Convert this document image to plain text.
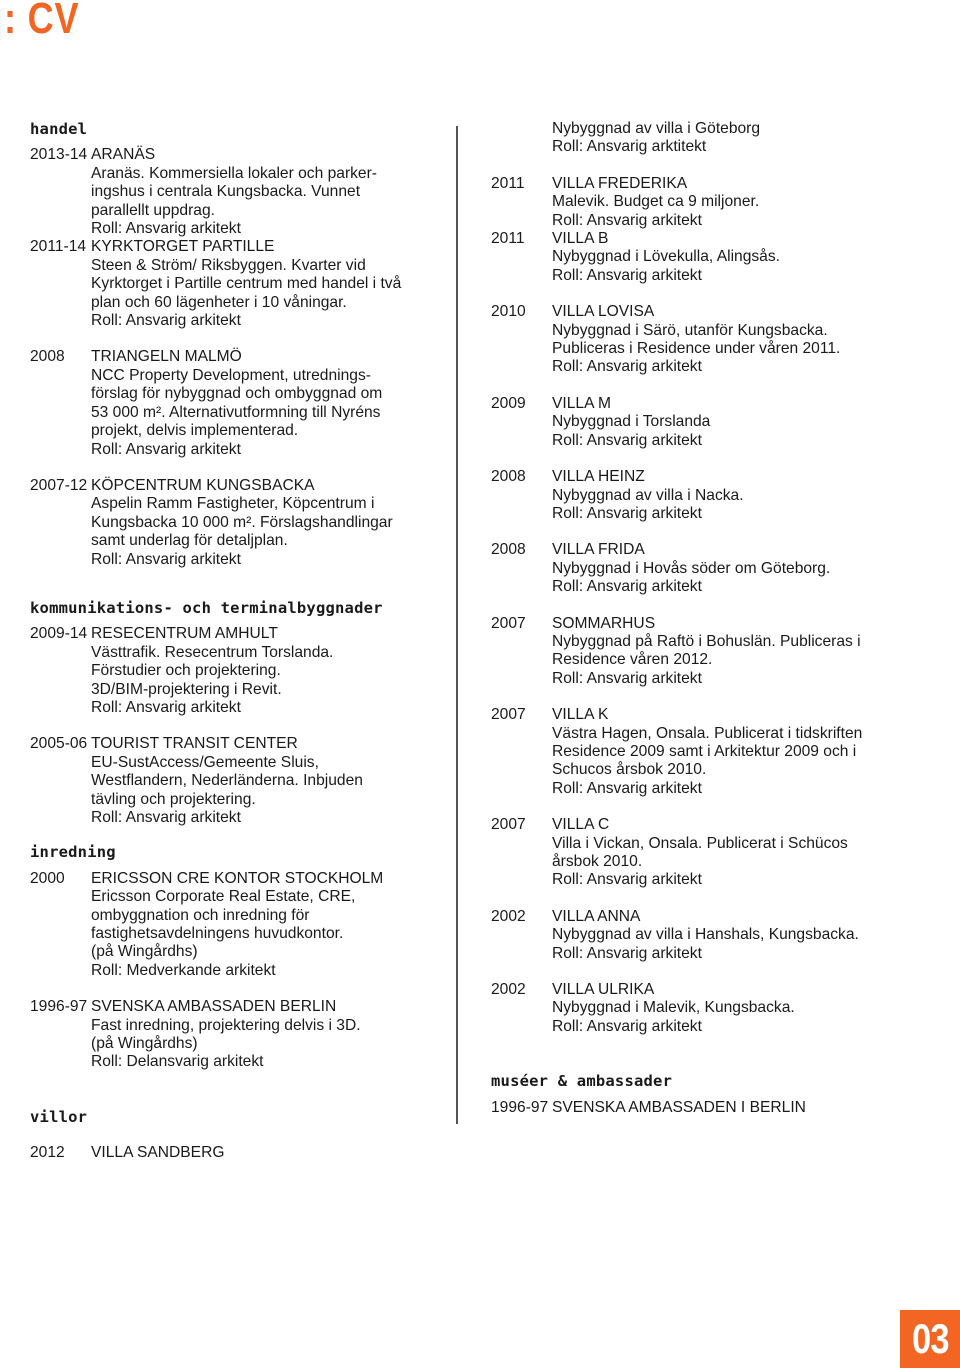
: CV
handel
2013-14 ARANÄS
Aranäs. Kommersiella lokaler och parker-
ingshus i centrala Kungsbacka. Vunnet
parallellt uppdrag.
Roll: Ansvarig arkitekt
2011-14 KYRKTORGET PARTILLE
Steen & Ström/ Riksbyggen. Kvarter vid
Kyrktorget i Partille centrum med handel i två
plan och 60 lägenheter i 10 våningar.
Roll: Ansvarig arkitekt
2008	TRIANGELN MALMÖ
NCC Property Development, utrednings-
förslag för nybyggnad och ombyggnad om
53 000 m². Alternativutformning till Nyréns
projekt, delvis implementerad.
Roll: Ansvarig arkitekt
2007-12 KÖPCENTRUM KUNGSBACKA
Aspelin Ramm Fastigheter, Köpcentrum i
Kungsbacka 10 000 m². Förslagshandlingar
samt underlag för detaljplan.
Roll: Ansvarig arkitekt
kommunikations- och terminalbyggnader
2009-14 RESECENTRUM AMHULT
Västtrafik. Resecentrum Torslanda.
Förstudier och projektering.
3D/BIM-projektering i Revit.
Roll: Ansvarig arkitekt
2005-06 TOURIST TRANSIT CENTER
EU-SustAccess/Gemeente Sluis,
Westflandern, Nederländerna. Inbjuden
tävling och projektering.
Roll: Ansvarig arkitekt
inredning
2000	ERICSSON CRE KONTOR STOCKHOLM
Ericsson Corporate Real Estate, CRE,
ombyggnation och inredning för
fastighetsavdelningens huvudkontor.
(på Wingårdhs)
Roll: Medverkande arkitekt
1996-97 SVENSKA AMBASSADEN BERLIN
Fast inredning, projektering delvis i 3D.
(på Wingårdhs)
Roll: Delansvarig arkitekt
villor
2012	VILLA SANDBERG
Nybyggnad av villa i Göteborg
Roll: Ansvarig arktitekt
2011	VILLA FREDERIKA
Malevik. Budget ca 9 miljoner.
Roll: Ansvarig arkitekt
2011	VILLA B
Nybyggnad i Lövekulla, Alingsås.
Roll: Ansvarig arkitekt
2010	VILLA LOVISA
Nybyggnad i Särö, utanför Kungsbacka.
Publiceras i Residence under våren 2011.
Roll: Ansvarig arkitekt
2009	VILLA M
Nybyggnad i Torslanda
Roll: Ansvarig arkitekt
2008	VILLA HEINZ
Nybyggnad av villa i Nacka.
Roll: Ansvarig arkitekt
2008	VILLA FRIDA
Nybyggnad i Hovås söder om Göteborg.
Roll: Ansvarig arkitekt
2007	SOMMARHUS
Nybyggnad på Raftö i Bohuslän. Publiceras i
Residence våren 2012.
Roll: Ansvarig arkitekt
2007	VILLA K
Västra Hagen, Onsala. Publicerat i tidskriften
Residence 2009 samt i Arkitektur 2009 och i
Schucos årsbok 2010.
Roll: Ansvarig arkitekt
2007	VILLA C
Villa i Vickan, Onsala. Publicerat i Schücos
årsbok 2010.
Roll: Ansvarig arkitekt
2002	VILLA ANNA
Nybyggnad av villa i Hanshals, Kungsbacka.
Roll: Ansvarig arkitekt
2002	VILLA ULRIKA
Nybyggnad i Malevik, Kungsbacka.
Roll: Ansvarig arkitekt
muséer & ambassader
1996-97 SVENSKA AMBASSADEN I BERLIN
03
